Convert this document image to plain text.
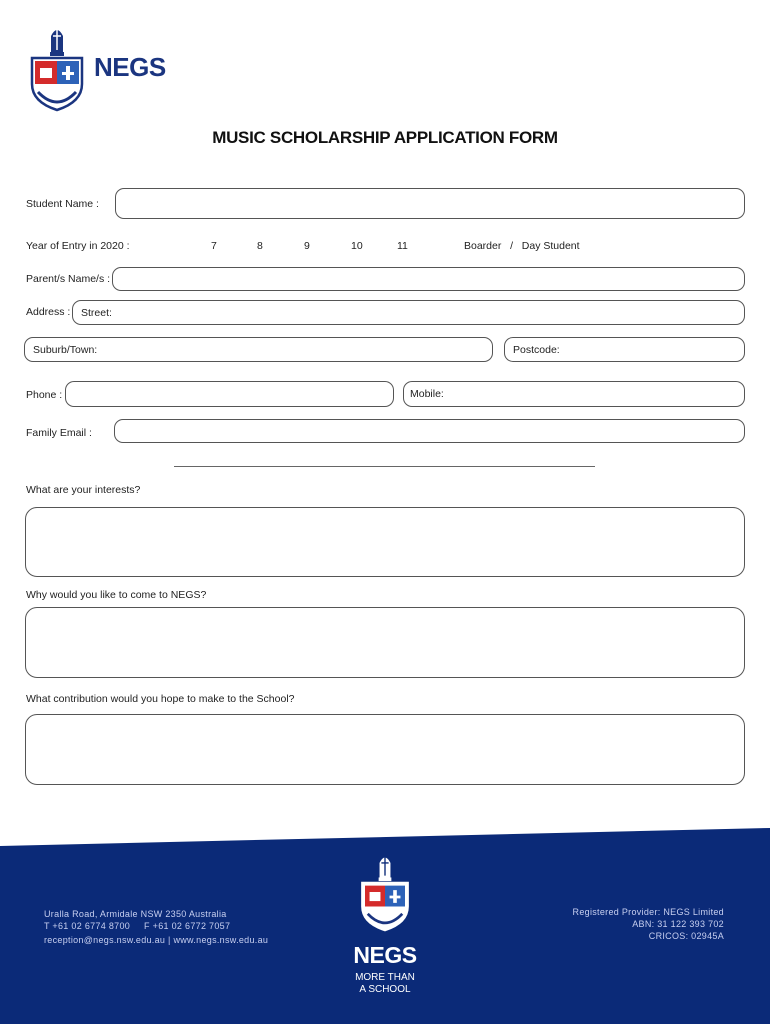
NEGS
MUSIC SCHOLARSHIP APPLICATION FORM
Student Name :
Year of Entry in 2020 :	7	8	9	10	11	Boarder   /   Day Student
Parent/s Name/s :
Address : Street:
Suburb/Town:	Postcode:
Phone :	Mobile:
Family Email :
What are your interests?
Why would you like to come to NEGS?
What contribution would you hope to make to the School?
Uralla Road, Armidale NSW 2350 Australia
T +61 02 6774 8700     F +61 02 6772 7057
reception@negs.nsw.edu.au | www.negs.nsw.edu.au
Registered Provider: NEGS Limited
ABN: 31 122 393 702
CRICOS: 02945A
NEGS
MORE THAN A SCHOOL
